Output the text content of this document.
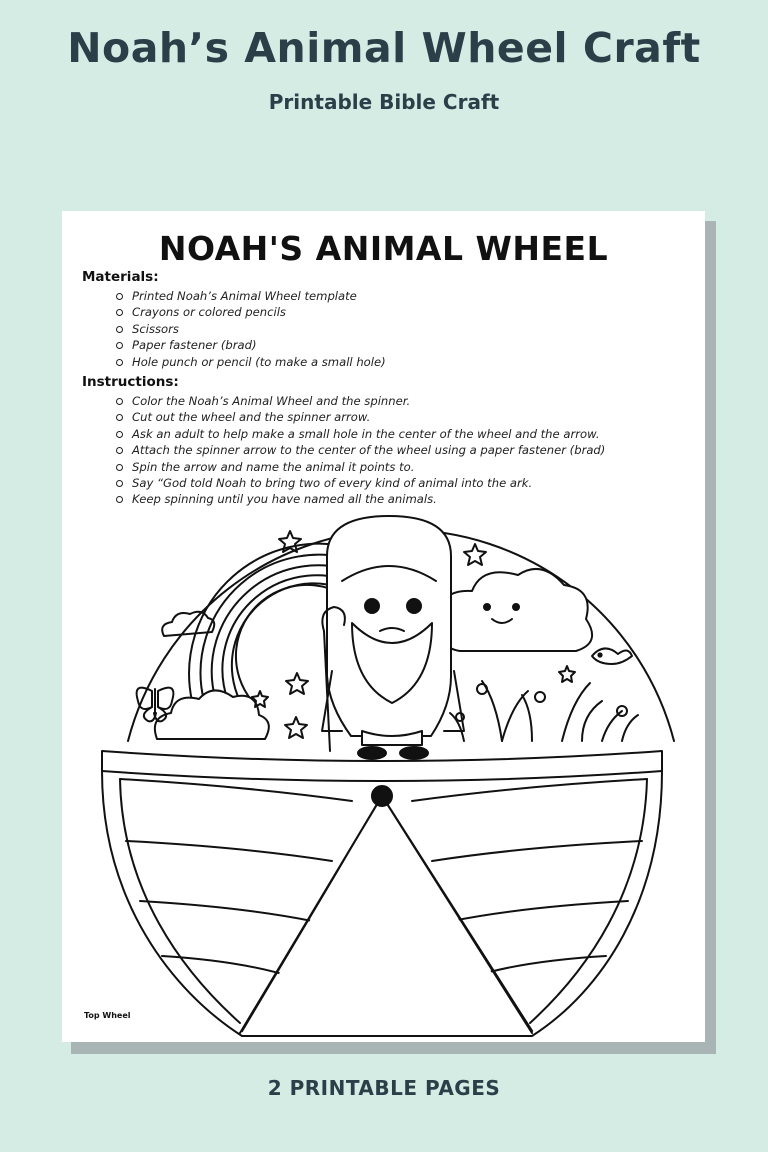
Noah’s Animal Wheel Craft
Printable Bible Craft
NOAH'S ANIMAL WHEEL
Materials:
Printed Noah’s Animal Wheel template
Crayons or colored pencils
Scissors
Paper fastener (brad)
Hole punch or pencil (to make a small hole)
Instructions:
Color the Noah’s Animal Wheel and the spinner.
Cut out the wheel and the spinner arrow.
Ask an adult to help make a small hole in the center of the wheel and the arrow.
Attach the spinner arrow to the center of the wheel using a paper fastener (brad)
Spin the arrow and name the animal it points to.
Say “God told Noah to bring two of every kind of animal into the ark.
Keep spinning until you have named all the animals.
Top Wheel
2 PRINTABLE PAGES
